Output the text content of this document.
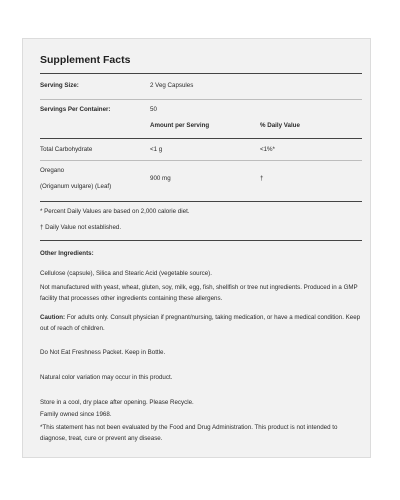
Supplement Facts
Serving Size:	2 Veg Capsules
Servings Per Container:	50
Amount per Serving	% Daily Value
Total Carbohydrate	<1 g	<1%*
Oregano
(Origanum vulgare) (Leaf)
900 mg	†
* Percent Daily Values are based on 2,000 calorie diet.
† Daily Value not established.

Other Ingredients:

Cellulose (capsule), Silica and Stearic Acid (vegetable source).

Not manufactured with yeast, wheat, gluten, soy, milk, egg, fish, shellfish or tree nut ingredients. Produced in a GMP facility that processes other ingredients containing these allergens.

Caution: For adults only. Consult physician if pregnant/nursing, taking medication, or have a medical condition. Keep out of reach of children.

Do Not Eat Freshness Packet. Keep in Bottle.

Natural color variation may occur in this product.

Store in a cool, dry place after opening. Please Recycle.

Family owned since 1968.

*This statement has not been evaluated by the Food and Drug Administration. This product is not intended to diagnose, treat, cure or prevent any disease.
